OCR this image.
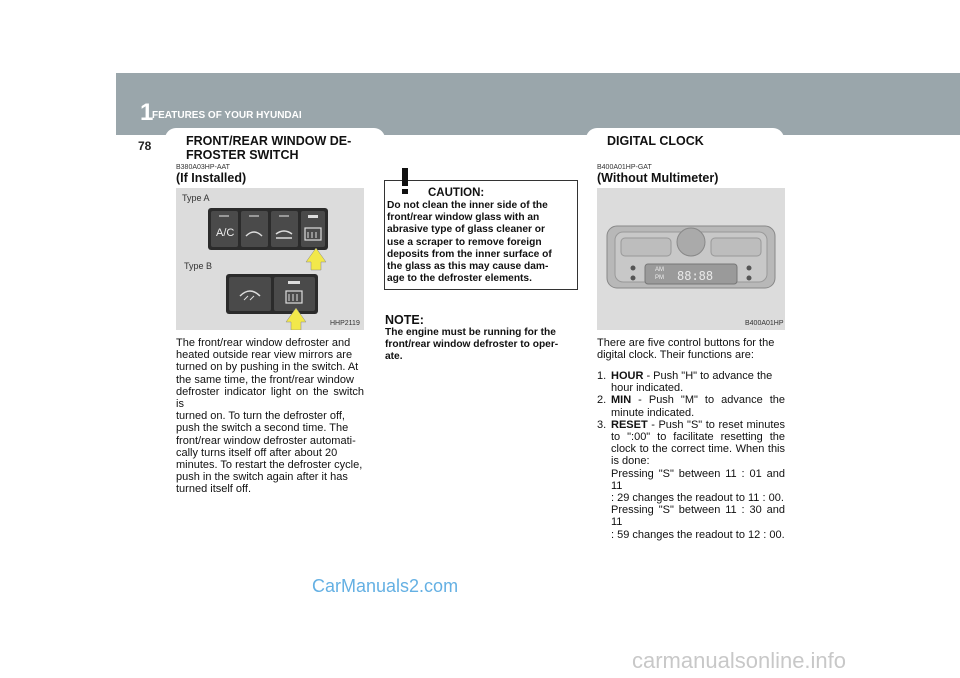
1
FEATURES OF YOUR HYUNDAI
78	FRONT/REAR WINDOW DE-
FROSTER SWITCH
B380A03HP-AAT
(If Installed)
Type A
Type B
A/C
HHP2119
The front/rear window defroster and
heated outside rear view mirrors are
turned on by pushing in the switch. At
the same time, the front/rear window
defroster indicator light on the switch is
turned on. To turn the defroster off,
push the switch a second time. The
front/rear window defroster automati-
cally turns itself off after about 20
minutes. To restart the defroster cycle,
push in the switch again after it has
turned itself off.
CAUTION:
Do not clean the inner side of the
front/rear window glass with an
abrasive type of glass cleaner or
use a scraper to remove foreign
deposits from the inner surface of
the glass as this may cause dam-
age to the defroster elements.
NOTE:
The engine must be running for the
front/rear window defroster to oper-
ate.
DIGITAL CLOCK
B400A01HP-GAT
(Without Multimeter)
88:88
AM
PM
B400A01HP
There are five control buttons for the
digital clock. Their functions are:
1. HOUR - Push "H" to advance the
hour indicated.
2. MIN - Push "M" to advance the minute indicated.
3. RESET - Push "S" to reset minutes to ":00" to facilitate resetting the clock to the correct time. When this is done:
Pressing "S" between 11 : 01 and 11
: 29 changes the readout to 11 : 00.
Pressing "S" between 11 : 30 and 11
: 59 changes the readout to 12 : 00.
CarManuals2.com
carmanualsonline.info
